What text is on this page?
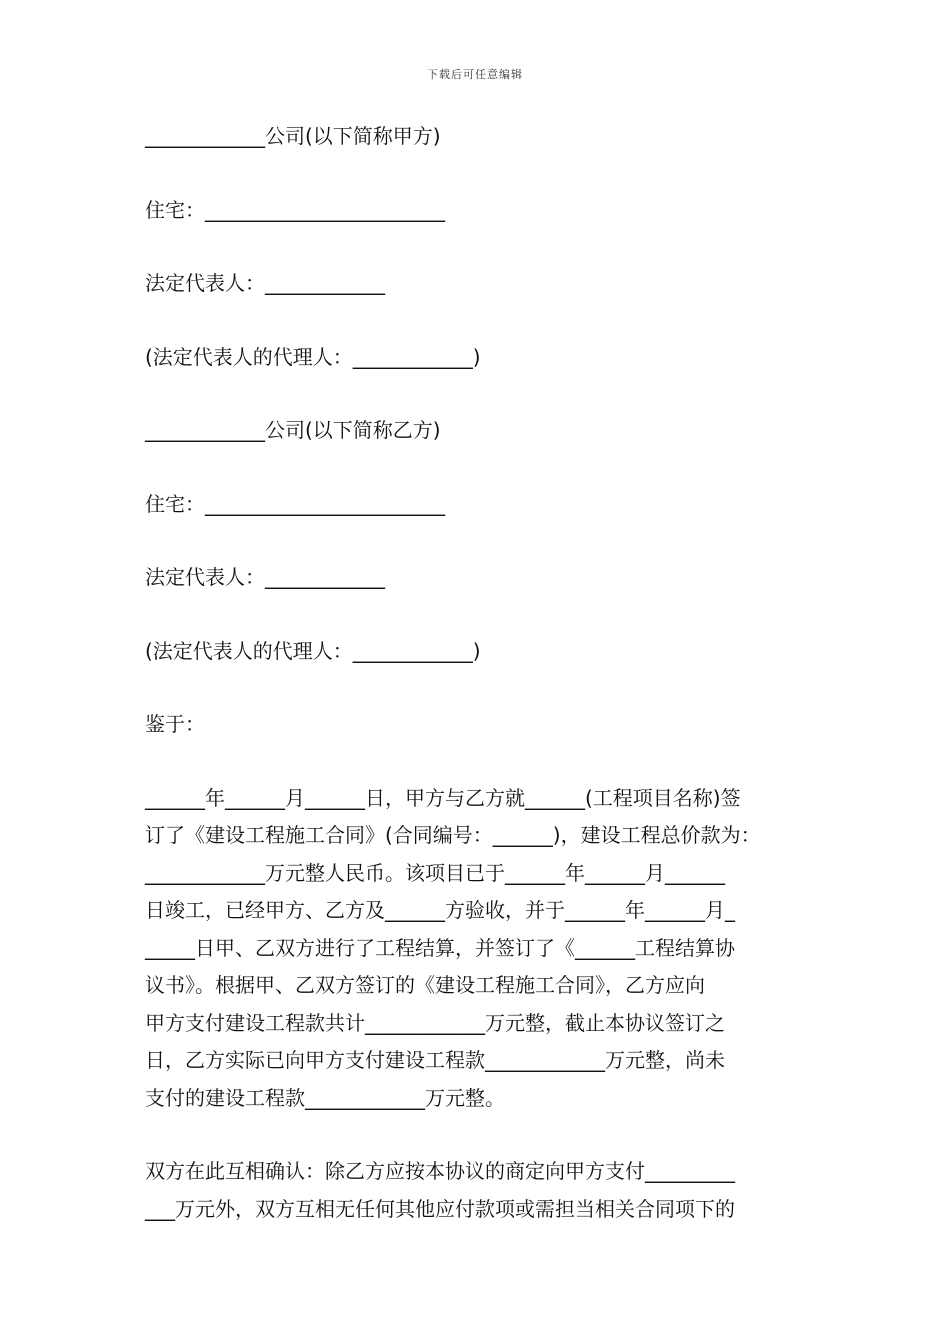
下载后可任意编辑
____________公司(以下简称甲方)
住宅：________________________
法定代表人：____________
(法定代表人的代理人：____________)
____________公司(以下简称乙方)
住宅：________________________
法定代表人：____________
(法定代表人的代理人：____________)
鉴于：
______年______月______日，甲方与乙方就______(工程项目名称)签
订了《建设工程施工合同》(合同编号：______)，建设工程总价款为：
____________万元整人民币。该项目已于______年______月______
日竣工，已经甲方、乙方及______方验收，并于______年______月_
_____日甲、乙双方进行了工程结算，并签订了《______工程结算协
议书》。根据甲、乙双方签订的《建设工程施工合同》，乙方应向
甲方支付建设工程款共计____________万元整，截止本协议签订之
日，乙方实际已向甲方支付建设工程款____________万元整，尚未
支付的建设工程款____________万元整。
双方在此互相确认：除乙方应按本协议的商定向甲方支付_________
___万元外，双方互相无任何其他应付款项或需担当相关合同项下的
